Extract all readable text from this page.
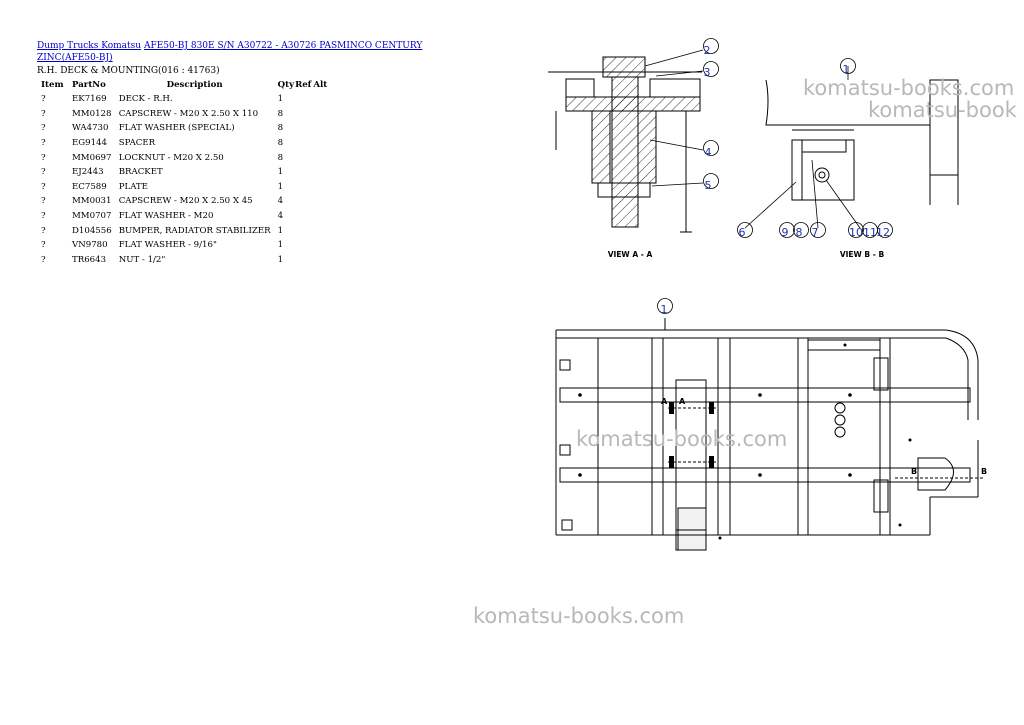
Dump Trucks Komatsu AFE50-BJ 830E S/N A30722 - A30726 PASMINCO CENTURY ZINC(AFE50-BJ)
R.H. DECK & MOUNTING(016 : 41763)
Item	PartNo	Description	Qty	Ref	Alt
?	EK7169	DECK - R.H.	1		
?	MM0128	CAPSCREW - M20 X 2.50 X 110	8		
?	WA4730	FLAT WASHER (SPECIAL)	8		
?	EG9144	SPACER	8		
?	MM0697	LOCKNUT - M20 X 2.50	8		
?	EJ2443	BRACKET	1		
?	EC7589	PLATE	1		
?	MM0031	CAPSCREW - M20 X 2.50 X 45	4		
?	MM0707	FLAT WASHER - M20	4		
?	D104556	BUMPER, RADIATOR STABILIZER	1		
?	VN9780	FLAT WASHER - 9/16"	1		
?	TR6643	NUT - 1/2"	1		
VIEW A - A	VIEW B - B
A A
B	B
2
3
4
5
1
6	9 8 7	10 11 12
1
komatsu-books.com
komatsu-book
komatsu-books.com
komatsu-books.com
